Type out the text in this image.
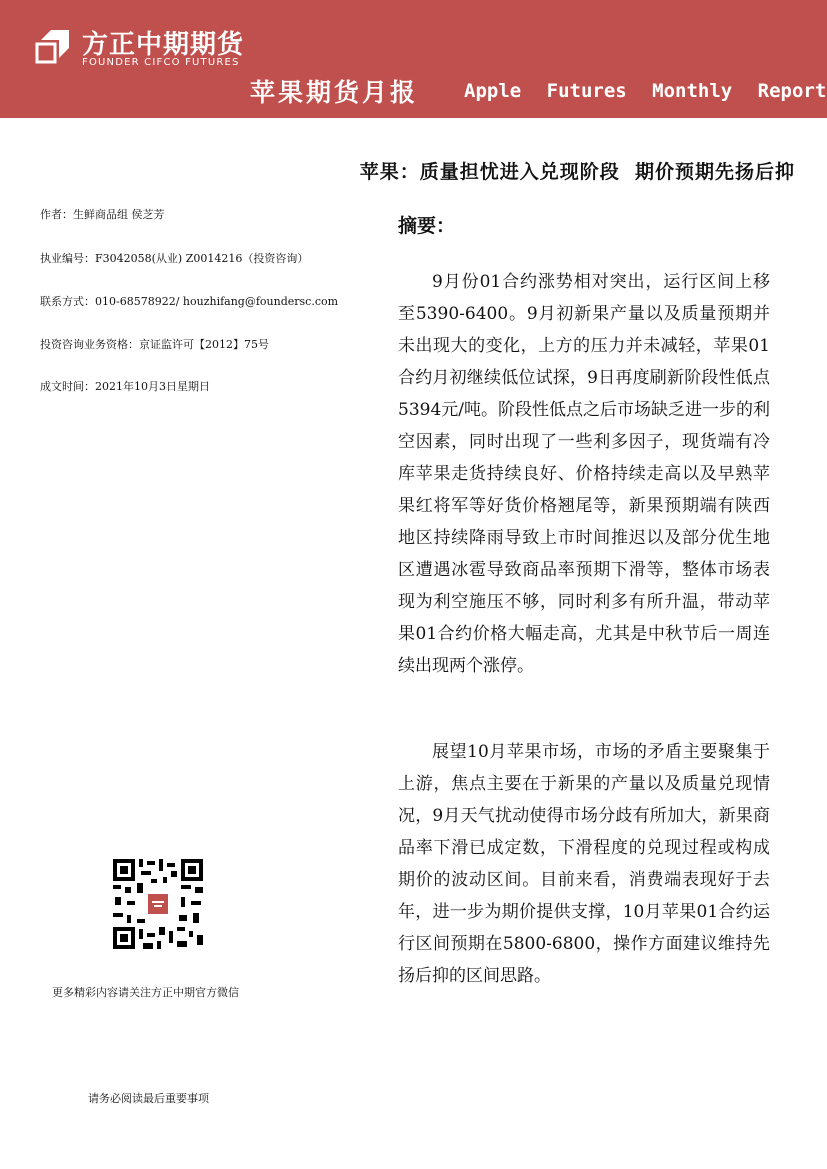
方正中期期货
FOUNDER CIFCO FUTURES
苹果期货月报 Apple Futures Monthly Report
苹果：质量担忧进入兑现阶段  期价预期先扬后抑
作者：生鲜商品组 侯芝芳
执业编号：F3042058(从业) Z0014216（投资咨询）
联系方式：010-68578922/ houzhifang@foundersc.com
投资咨询业务资格：京证监许可【2012】75号
成文时间：2021年10月3日星期日
摘要：

9月份01合约涨势相对突出，运行区间上移至5390-6400。9月初新果产量以及质量预期并未出现大的变化，上方的压力并未减轻，苹果01合约月初继续低位试探，9日再度刷新阶段性低点5394元/吨。阶段性低点之后市场缺乏进一步的利空因素，同时出现了一些利多因子，现货端有冷库苹果走货持续良好、价格持续走高以及早熟苹果红将军等好货价格翘尾等，新果预期端有陕西地区持续降雨导致上市时间推迟以及部分优生地区遭遇冰雹导致商品率预期下滑等，整体市场表现为利空施压不够，同时利多有所升温，带动苹果01合约价格大幅走高，尤其是中秋节后一周连续出现两个涨停。

展望10月苹果市场，市场的矛盾主要聚集于上游，焦点主要在于新果的产量以及质量兑现情况，9月天气扰动使得市场分歧有所加大，新果商品率下滑已成定数，下滑程度的兑现过程或构成期价的波动区间。目前来看，消费端表现好于去年，进一步为期价提供支撑，10月苹果01合约运行区间预期在5800-6800，操作方面建议维持先扬后抑的区间思路。

更多精彩内容请关注方正中期官方微信
请务必阅读最后重要事项
